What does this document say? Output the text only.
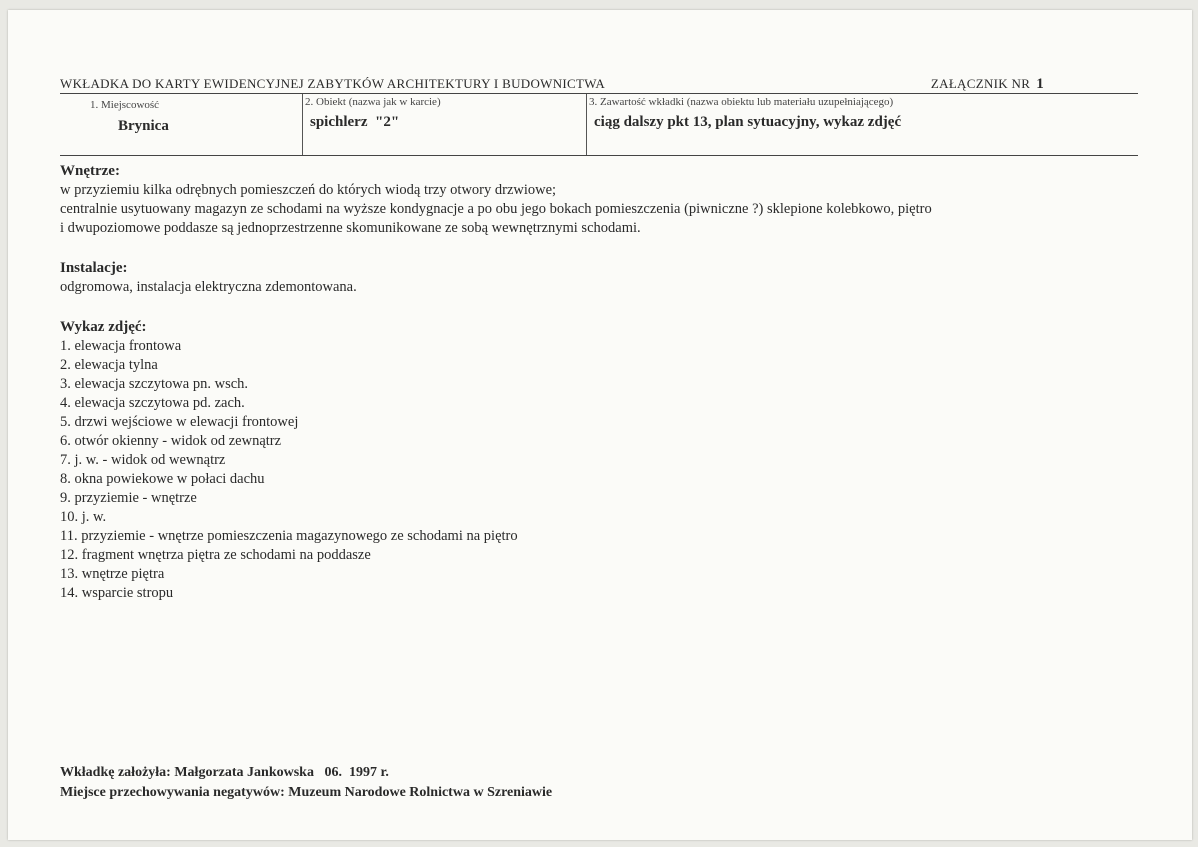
WKŁADKA DO KARTY EWIDENCYJNEJ ZABYTKÓW ARCHITEKTURY I BUDOWNICTWA	ZAŁĄCZNIK NR 1
1. Miejscowość
Brynica
2. Obiekt (nazwa jak w karcie)
spichlerz  "2"
3. Zawartość wkładki (nazwa obiektu lub materiału uzupełniającego)
ciąg dalszy pkt 13, plan sytuacyjny, wykaz zdjęć

Wnętrze:

w przyziemiu kilka odrębnych pomieszczeń do których wiodą trzy otwory drzwiowe;

centralnie usytuowany magazyn ze schodami na wyższe kondygnacje a po obu jego bokach pomieszczenia (piwniczne ?) sklepione kolebkowo, piętro

i dwupoziomowe poddasze są jednoprzestrzenne skomunikowane ze sobą wewnętrznymi schodami.

Instalacje:

odgromowa, instalacja elektryczna zdemontowana.

Wykaz zdjęć:

1. elewacja frontowa

2. elewacja tylna

3. elewacja szczytowa pn. wsch.

4. elewacja szczytowa pd. zach.

5. drzwi wejściowe w elewacji frontowej

6. otwór okienny - widok od zewnątrz

7. j. w. - widok od wewnątrz

8. okna powiekowe w połaci dachu

9. przyziemie - wnętrze

10. j. w.

11. przyziemie - wnętrze pomieszczenia magazynowego ze schodami na piętro

12. fragment wnętrza piętra ze schodami na poddasze

13. wnętrze piętra

14. wsparcie stropu

Wkładkę założyła: Małgorzata Jankowska   06.  1997 r.
Miejsce przechowywania negatywów: Muzeum Narodowe Rolnictwa w Szreniawie
